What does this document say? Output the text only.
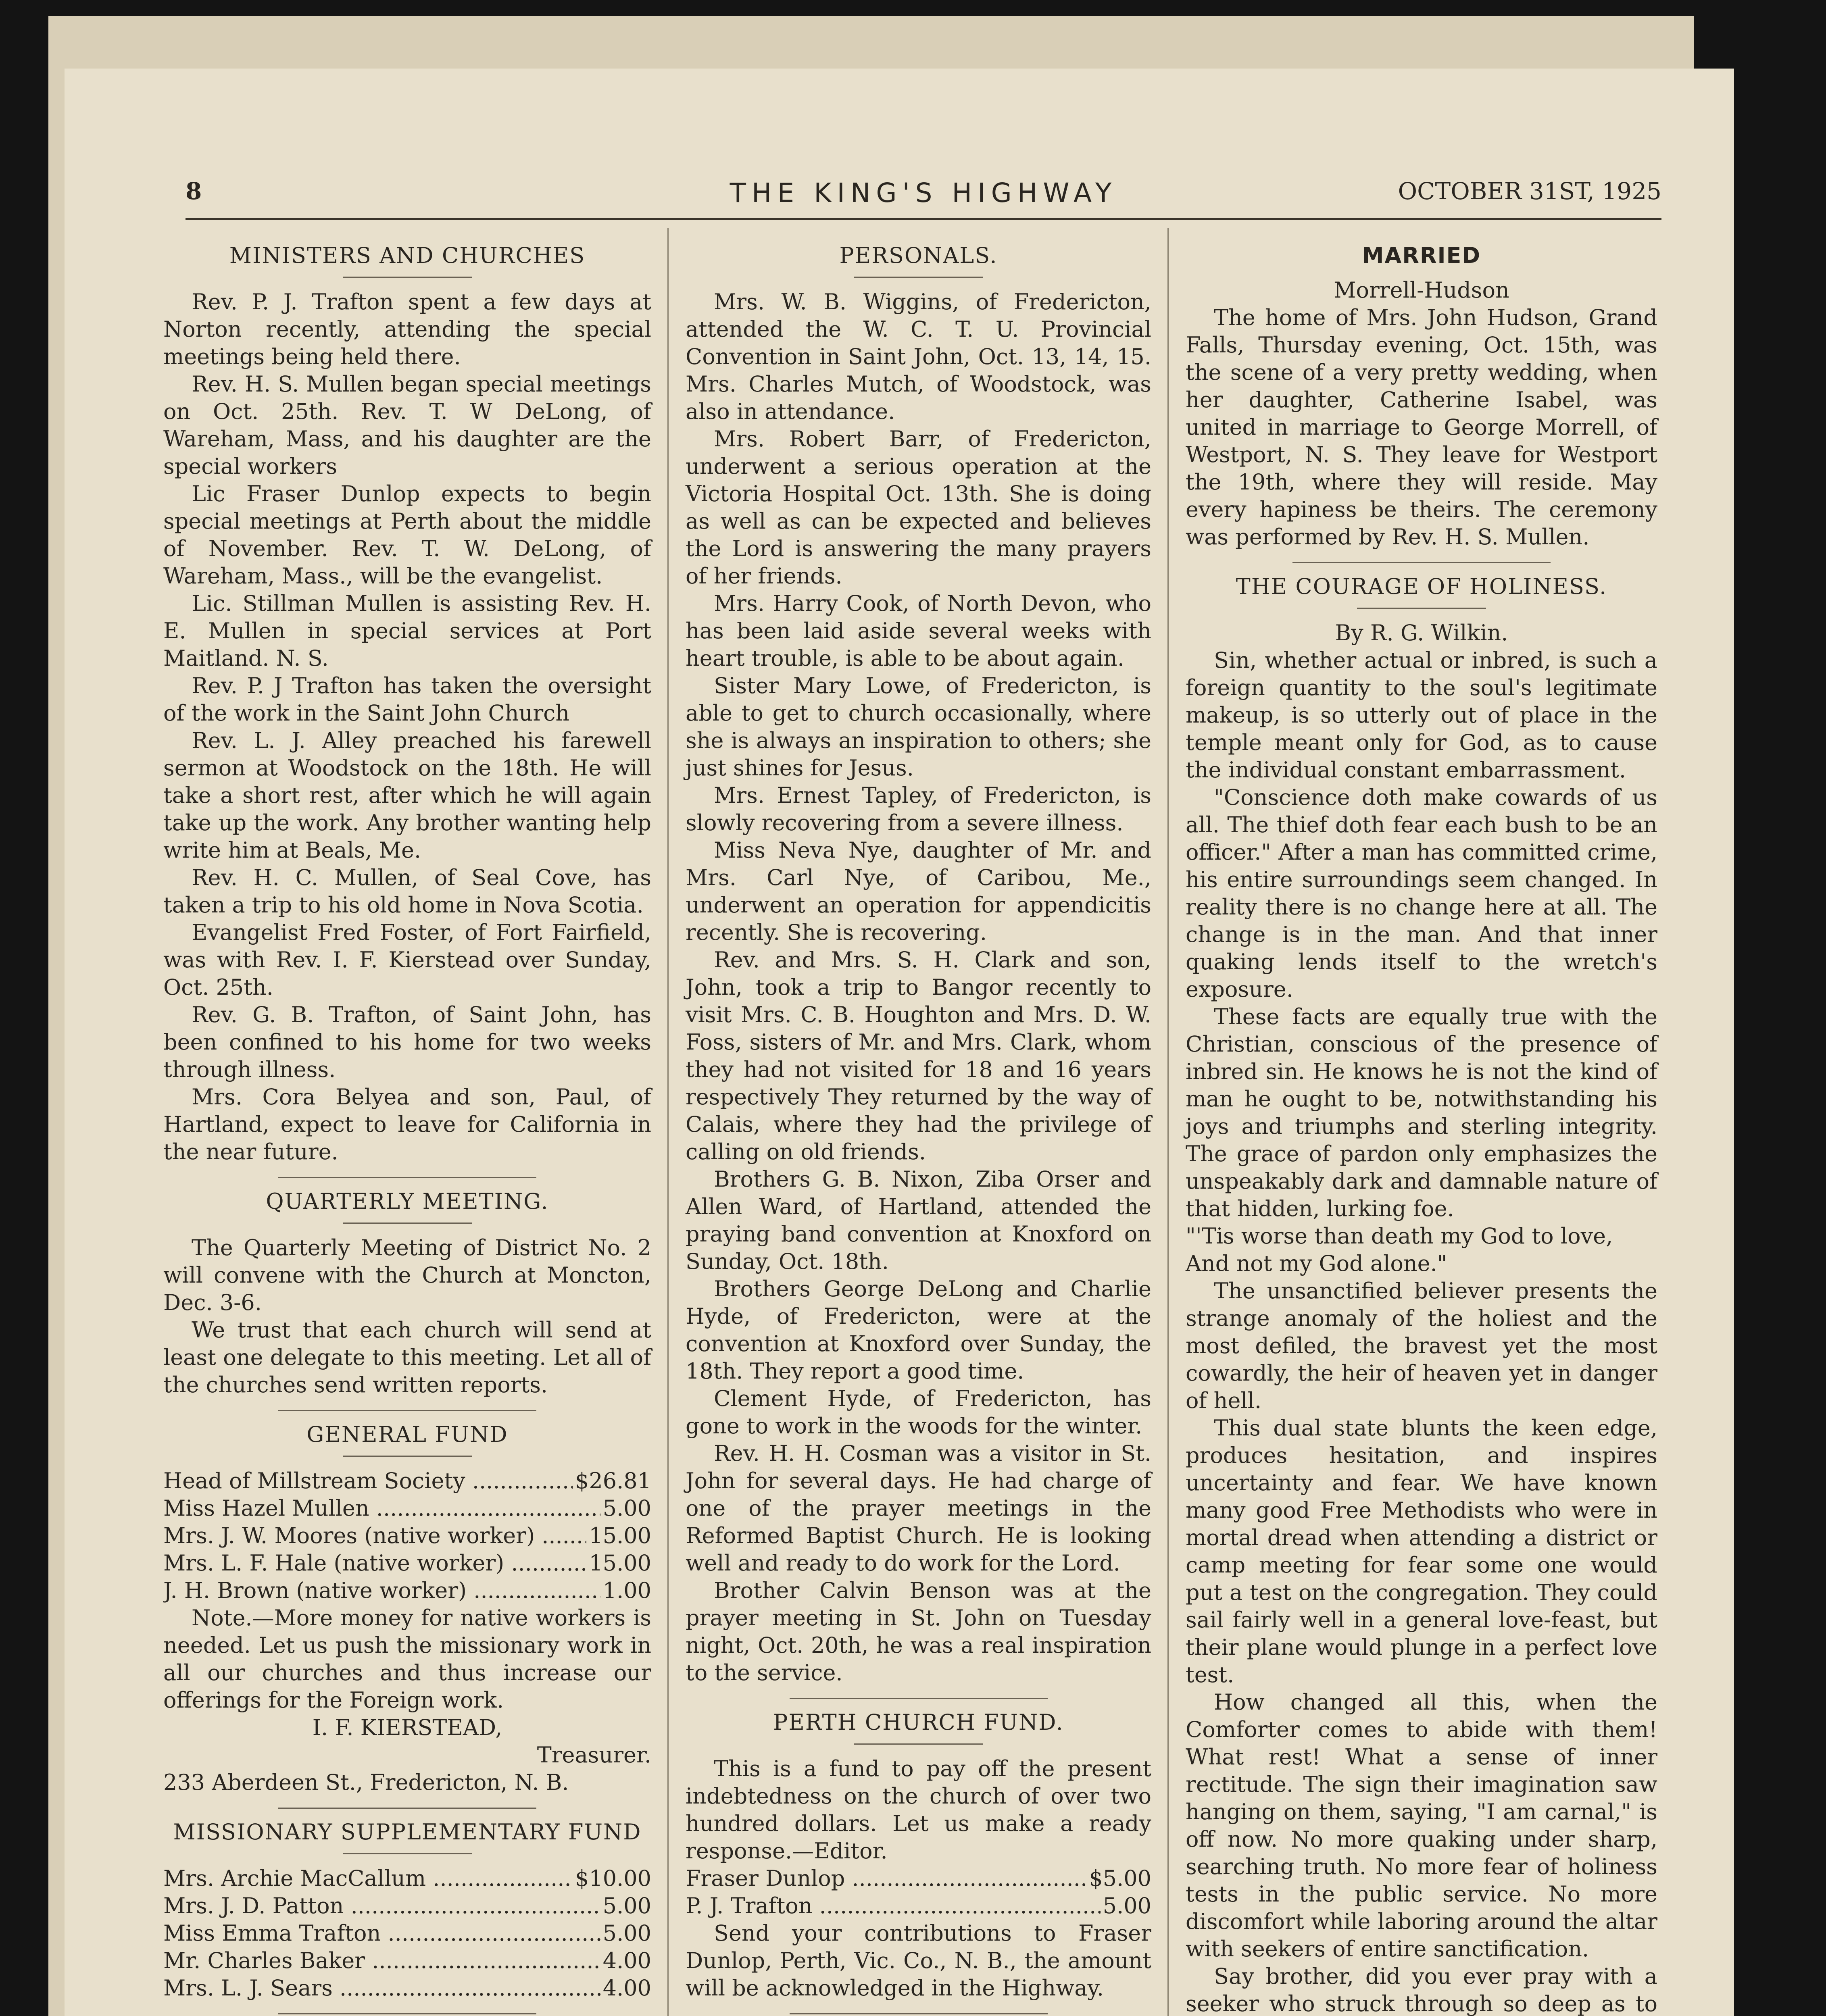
8	THE KING'S HIGHWAY	OCTOBER 31ST, 1925
MINISTERS AND CHURCHES

Rev. P. J. Trafton spent a few days at Norton recently, attending the special meetings being held there.

Rev. H. S. Mullen began special meetings on Oct. 25th. Rev. T. W DeLong, of Wareham, Mass, and his daughter are the special workers

Lic Fraser Dunlop expects to begin special meetings at Perth about the middle of November. Rev. T. W. DeLong, of Wareham, Mass., will be the evangelist.

Lic. Stillman Mullen is assisting Rev. H. E. Mullen in special services at Port Maitland. N. S.

Rev. P. J Trafton has taken the oversight of the work in the Saint John Church

Rev. L. J. Alley preached his farewell sermon at Woodstock on the 18th. He will take a short rest, after which he will again take up the work. Any brother wanting help write him at Beals, Me.

Rev. H. C. Mullen, of Seal Cove, has taken a trip to his old home in Nova Scotia.

Evangelist Fred Foster, of Fort Fairfield, was with Rev. I. F. Kierstead over Sunday, Oct. 25th.

Rev. G. B. Trafton, of Saint John, has been confined to his home for two weeks through illness.

Mrs. Cora Belyea and son, Paul, of Hartland, expect to leave for California in the near future.

QUARTERLY MEETING.

The Quarterly Meeting of District No. 2 will convene with the Church at Moncton, Dec. 3-6.

We trust that each church will send at least one delegate to this meeting. Let all of the churches send written reports.

GENERAL FUND
Head of Millstream Society .....	$26.81
Miss Hazel Mullen .....	5.00
Mrs. J. W. Moores (native worker) .....	15.00
Mrs. L. F. Hale (native worker) .....	15.00
J. H. Brown (native worker) .....	1.00

Note.—More money for native workers is needed. Let us push the missionary work in all our churches and thus increase our offerings for the Foreign work.

I. F. KIERSTEAD,
Treasurer.
233 Aberdeen St., Fredericton, N. B.
MISSIONARY SUPPLEMENTARY FUND
Mrs. Archie MacCallum .....	$10.00
Mrs. J. D. Patton .....	5.00
Miss Emma Trafton .....	5.00
Mr. Charles Baker .....	4.00
Mrs. L. J. Sears .....	4.00

PERSONALS.

Mrs. W. B. Wiggins, of Fredericton, attended the W. C. T. U. Provincial Convention in Saint John, Oct. 13, 14, 15. Mrs. Charles Mutch, of Woodstock, was also in attendance.

Mrs. Robert Barr, of Fredericton, underwent a serious operation at the Victoria Hospital Oct. 13th. She is doing as well as can be expected and believes the Lord is answering the many prayers of her friends.

Mrs. Harry Cook, of North Devon, who has been laid aside several weeks with heart trouble, is able to be about again.

Sister Mary Lowe, of Fredericton, is able to get to church occasionally, where she is always an inspiration to others; she just shines for Jesus.

Mrs. Ernest Tapley, of Fredericton, is slowly recovering from a severe illness.

Miss Neva Nye, daughter of Mr. and Mrs. Carl Nye, of Caribou, Me., underwent an operation for appendicitis recently. She is recovering.

Rev. and Mrs. S. H. Clark and son, John, took a trip to Bangor recently to visit Mrs. C. B. Houghton and Mrs. D. W. Foss, sisters of Mr. and Mrs. Clark, whom they had not visited for 18 and 16 years respectively They returned by the way of Calais, where they had the privilege of calling on old friends.

Brothers G. B. Nixon, Ziba Orser and Allen Ward, of Hartland, attended the praying band convention at Knoxford on Sunday, Oct. 18th.

Brothers George DeLong and Charlie Hyde, of Fredericton, were at the convention at Knoxford over Sunday, the 18th. They report a good time.

Clement Hyde, of Fredericton, has gone to work in the woods for the winter.

Rev. H. H. Cosman was a visitor in St. John for several days. He had charge of one of the prayer meetings in the Reformed Baptist Church. He is looking well and ready to do work for the Lord.

Brother Calvin Benson was at the prayer meeting in St. John on Tuesday night, Oct. 20th, he was a real inspiration to the service.

PERTH CHURCH FUND.

This is a fund to pay off the present indebtedness on the church of over two hundred dollars. Let us make a ready response.—Editor.

Fraser Dunlop .....	$5.00
P. J. Trafton .....	5.00

Send your contributions to Fraser Dunlop, Perth, Vic. Co., N. B., the amount will be acknowledged in the Highway.

MARRIED
Morrell-Hudson

The home of Mrs. John Hudson, Grand Falls, Thursday evening, Oct. 15th, was the scene of a very pretty wedding, when her daughter, Catherine Isabel, was united in marriage to George Morrell, of Westport, N. S. They leave for Westport the 19th, where they will reside. May every hapiness be theirs. The ceremony was performed by Rev. H. S. Mullen.

THE COURAGE OF HOLINESS.
By R. G. Wilkin.

Sin, whether actual or inbred, is such a foreign quantity to the soul's legitimate makeup, is so utterly out of place in the temple meant only for God, as to cause the individual constant embarrassment.

"Conscience doth make cowards of us all. The thief doth fear each bush to be an officer." After a man has committed crime, his entire surroundings seem changed. In reality there is no change here at all. The change is in the man. And that inner quaking lends itself to the wretch's exposure.

These facts are equally true with the Christian, conscious of the presence of inbred sin. He knows he is not the kind of man he ought to be, notwithstanding his joys and triumphs and sterling integrity. The grace of pardon only emphasizes the unspeakably dark and damnable nature of that hidden, lurking foe.

"'Tis worse than death my God to love,

And not my God alone."

The unsanctified believer presents the strange anomaly of the holiest and the most defiled, the bravest yet the most cowardly, the heir of heaven yet in danger of hell.

This dual state blunts the keen edge, produces hesitation, and inspires uncertainty and fear. We have known many good Free Methodists who were in mortal dread when attending a district or camp meeting for fear some one would put a test on the congregation. They could sail fairly well in a general love-feast, but their plane would plunge in a perfect love test.

How changed all this, when the Comforter comes to abide with them! What rest! What a sense of inner rectitude. The sign their imagination saw hanging on them, saying, "I am carnal," is off now. No more quaking under sharp, searching truth. No more fear of holiness tests in the public service. No more discomfort while laboring around the altar with seekers of entire sanctification.

Say brother, did you ever pray with a seeker who struck through so deep as to
